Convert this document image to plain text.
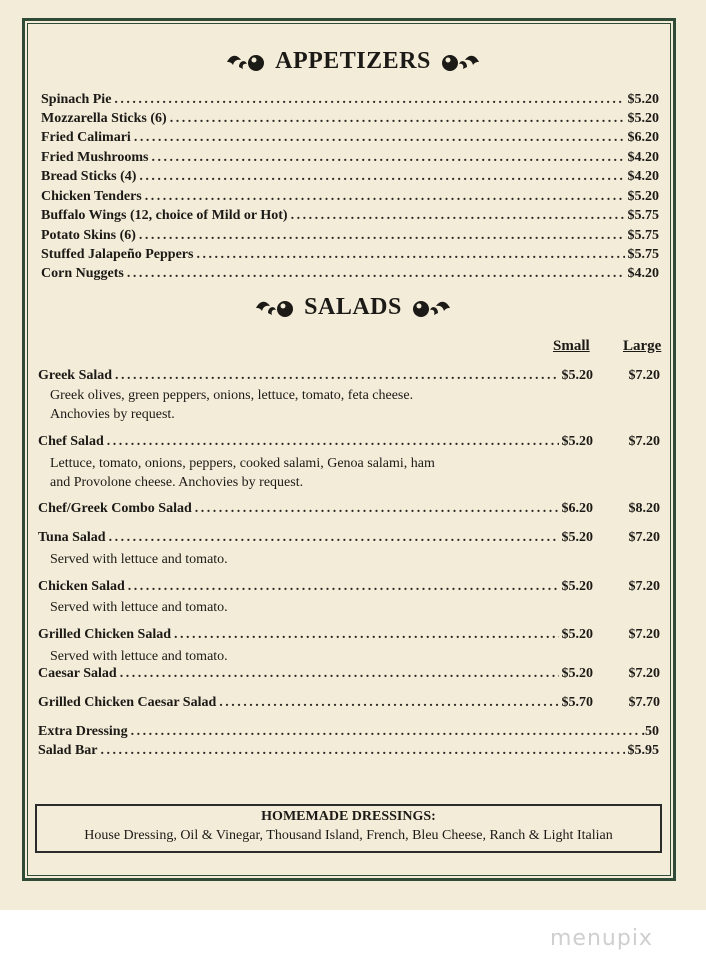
APPETIZERS
Spinach Pie . . .	$5.20
Mozzarella Sticks (6) . . .	$5.20
Fried Calimari . . .	$6.20
Fried Mushrooms . . .	$4.20
Bread Sticks (4) . . .	$4.20
Chicken Tenders . . .	$5.20
Buffalo Wings (12, choice of Mild or Hot) . . .	$5.75
Potato Skins (6) . . .	$5.75
Stuffed Jalapeño Peppers . . .	$5.75
Corn Nuggets . . .	$4.20
SALADS
Small Large
Greek Salad . . .	$5.20	$7.20
Greek olives, green peppers, onions, lettuce, tomato, feta cheese.
Anchovies by request.
Chef Salad . . .	$5.20	$7.20
Lettuce, tomato, onions, peppers, cooked salami, Genoa salami, ham
and Provolone cheese. Anchovies by request.
Chef/Greek Combo Salad . . .	$6.20	$8.20
Tuna Salad . . .	$5.20	$7.20
Served with lettuce and tomato.
Chicken Salad . . .	$5.20	$7.20
Served with lettuce and tomato.
Grilled Chicken Salad . . .	$5.20	$7.20
Served with lettuce and tomato.
Caesar Salad . . .	$5.20	$7.20
Grilled Chicken Caesar Salad . . .	$5.70	$7.70
Extra Dressing . . .	.50
Salad Bar . . .	$5.95
HOMEMADE DRESSINGS:
House Dressing, Oil & Vinegar, Thousand Island, French, Bleu Cheese, Ranch & Light Italian
menupix
